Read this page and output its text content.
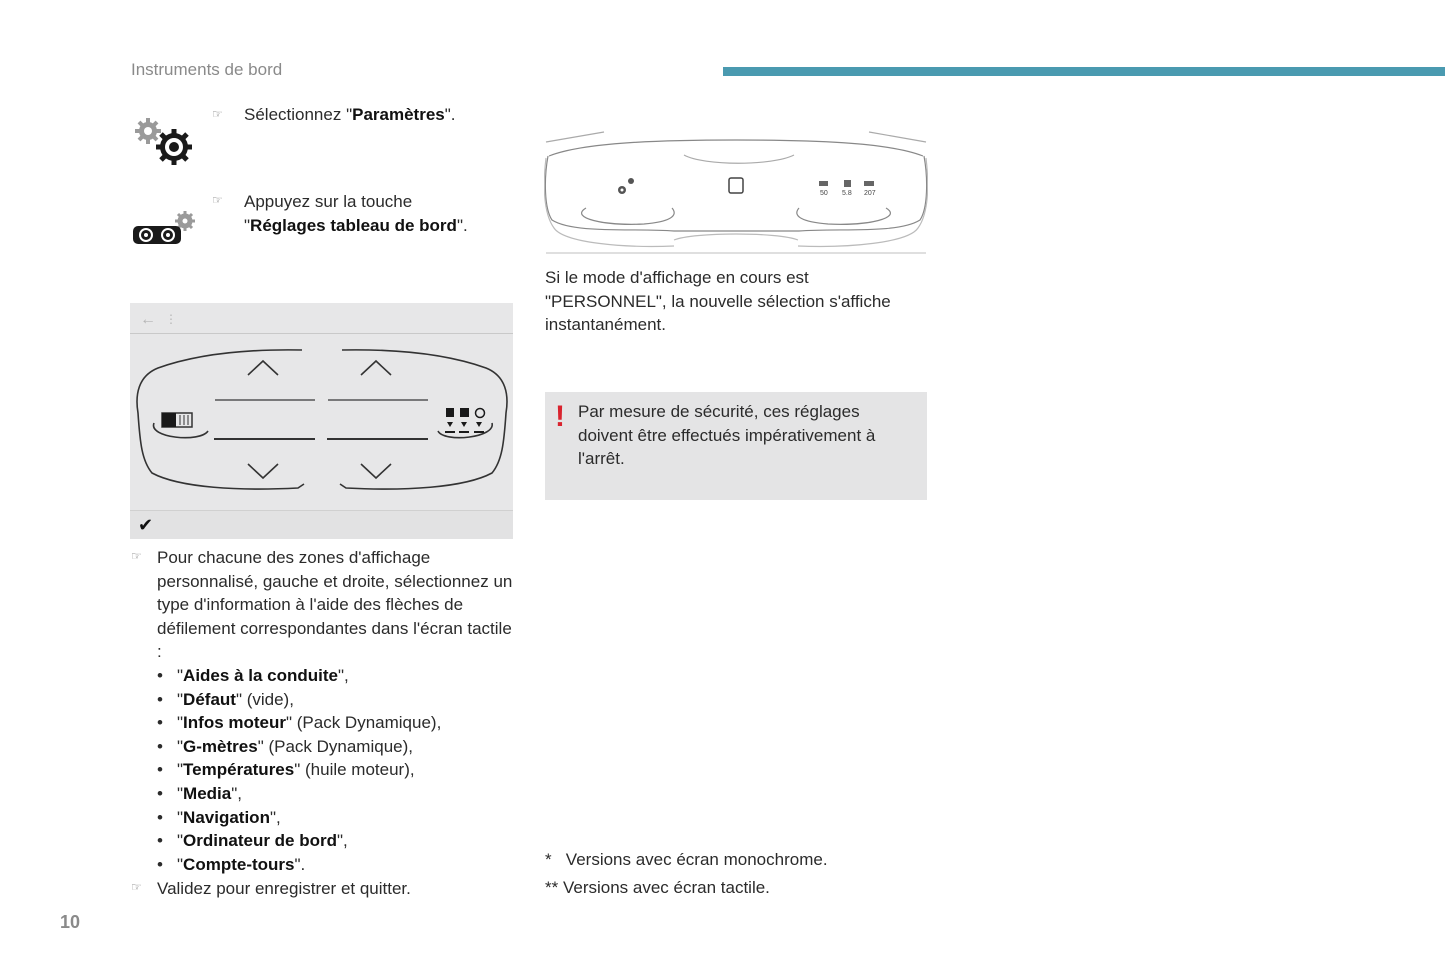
Instruments de bord
☞ Sélectionnez "Paramètres".
☞ Appuyez sur la touche
"Réglages tableau de bord".
← ⋮
✔
50 5.8 207
Si le mode d'affichage en cours est "PERSONNEL", la nouvelle sélection s'affiche instantanément.
! Par mesure de sécurité, ces réglages doivent être effectués impérativement à l'arrêt.
☞ Pour chacune des zones d'affichage personnalisé, gauche et droite, sélectionnez un type d'information à l'aide des flèches de défilement correspondantes dans l'écran tactile :
• "Aides à la conduite",
• "Défaut" (vide),
• "Infos moteur" (Pack Dynamique),
• "G-mètres" (Pack Dynamique),
• "Températures" (huile moteur),
• "Media",
• "Navigation",
• "Ordinateur de bord",
• "Compte-tours".
☞ Validez pour enregistrer et quitter.
* Versions avec écran monochrome.
** Versions avec écran tactile.
10
